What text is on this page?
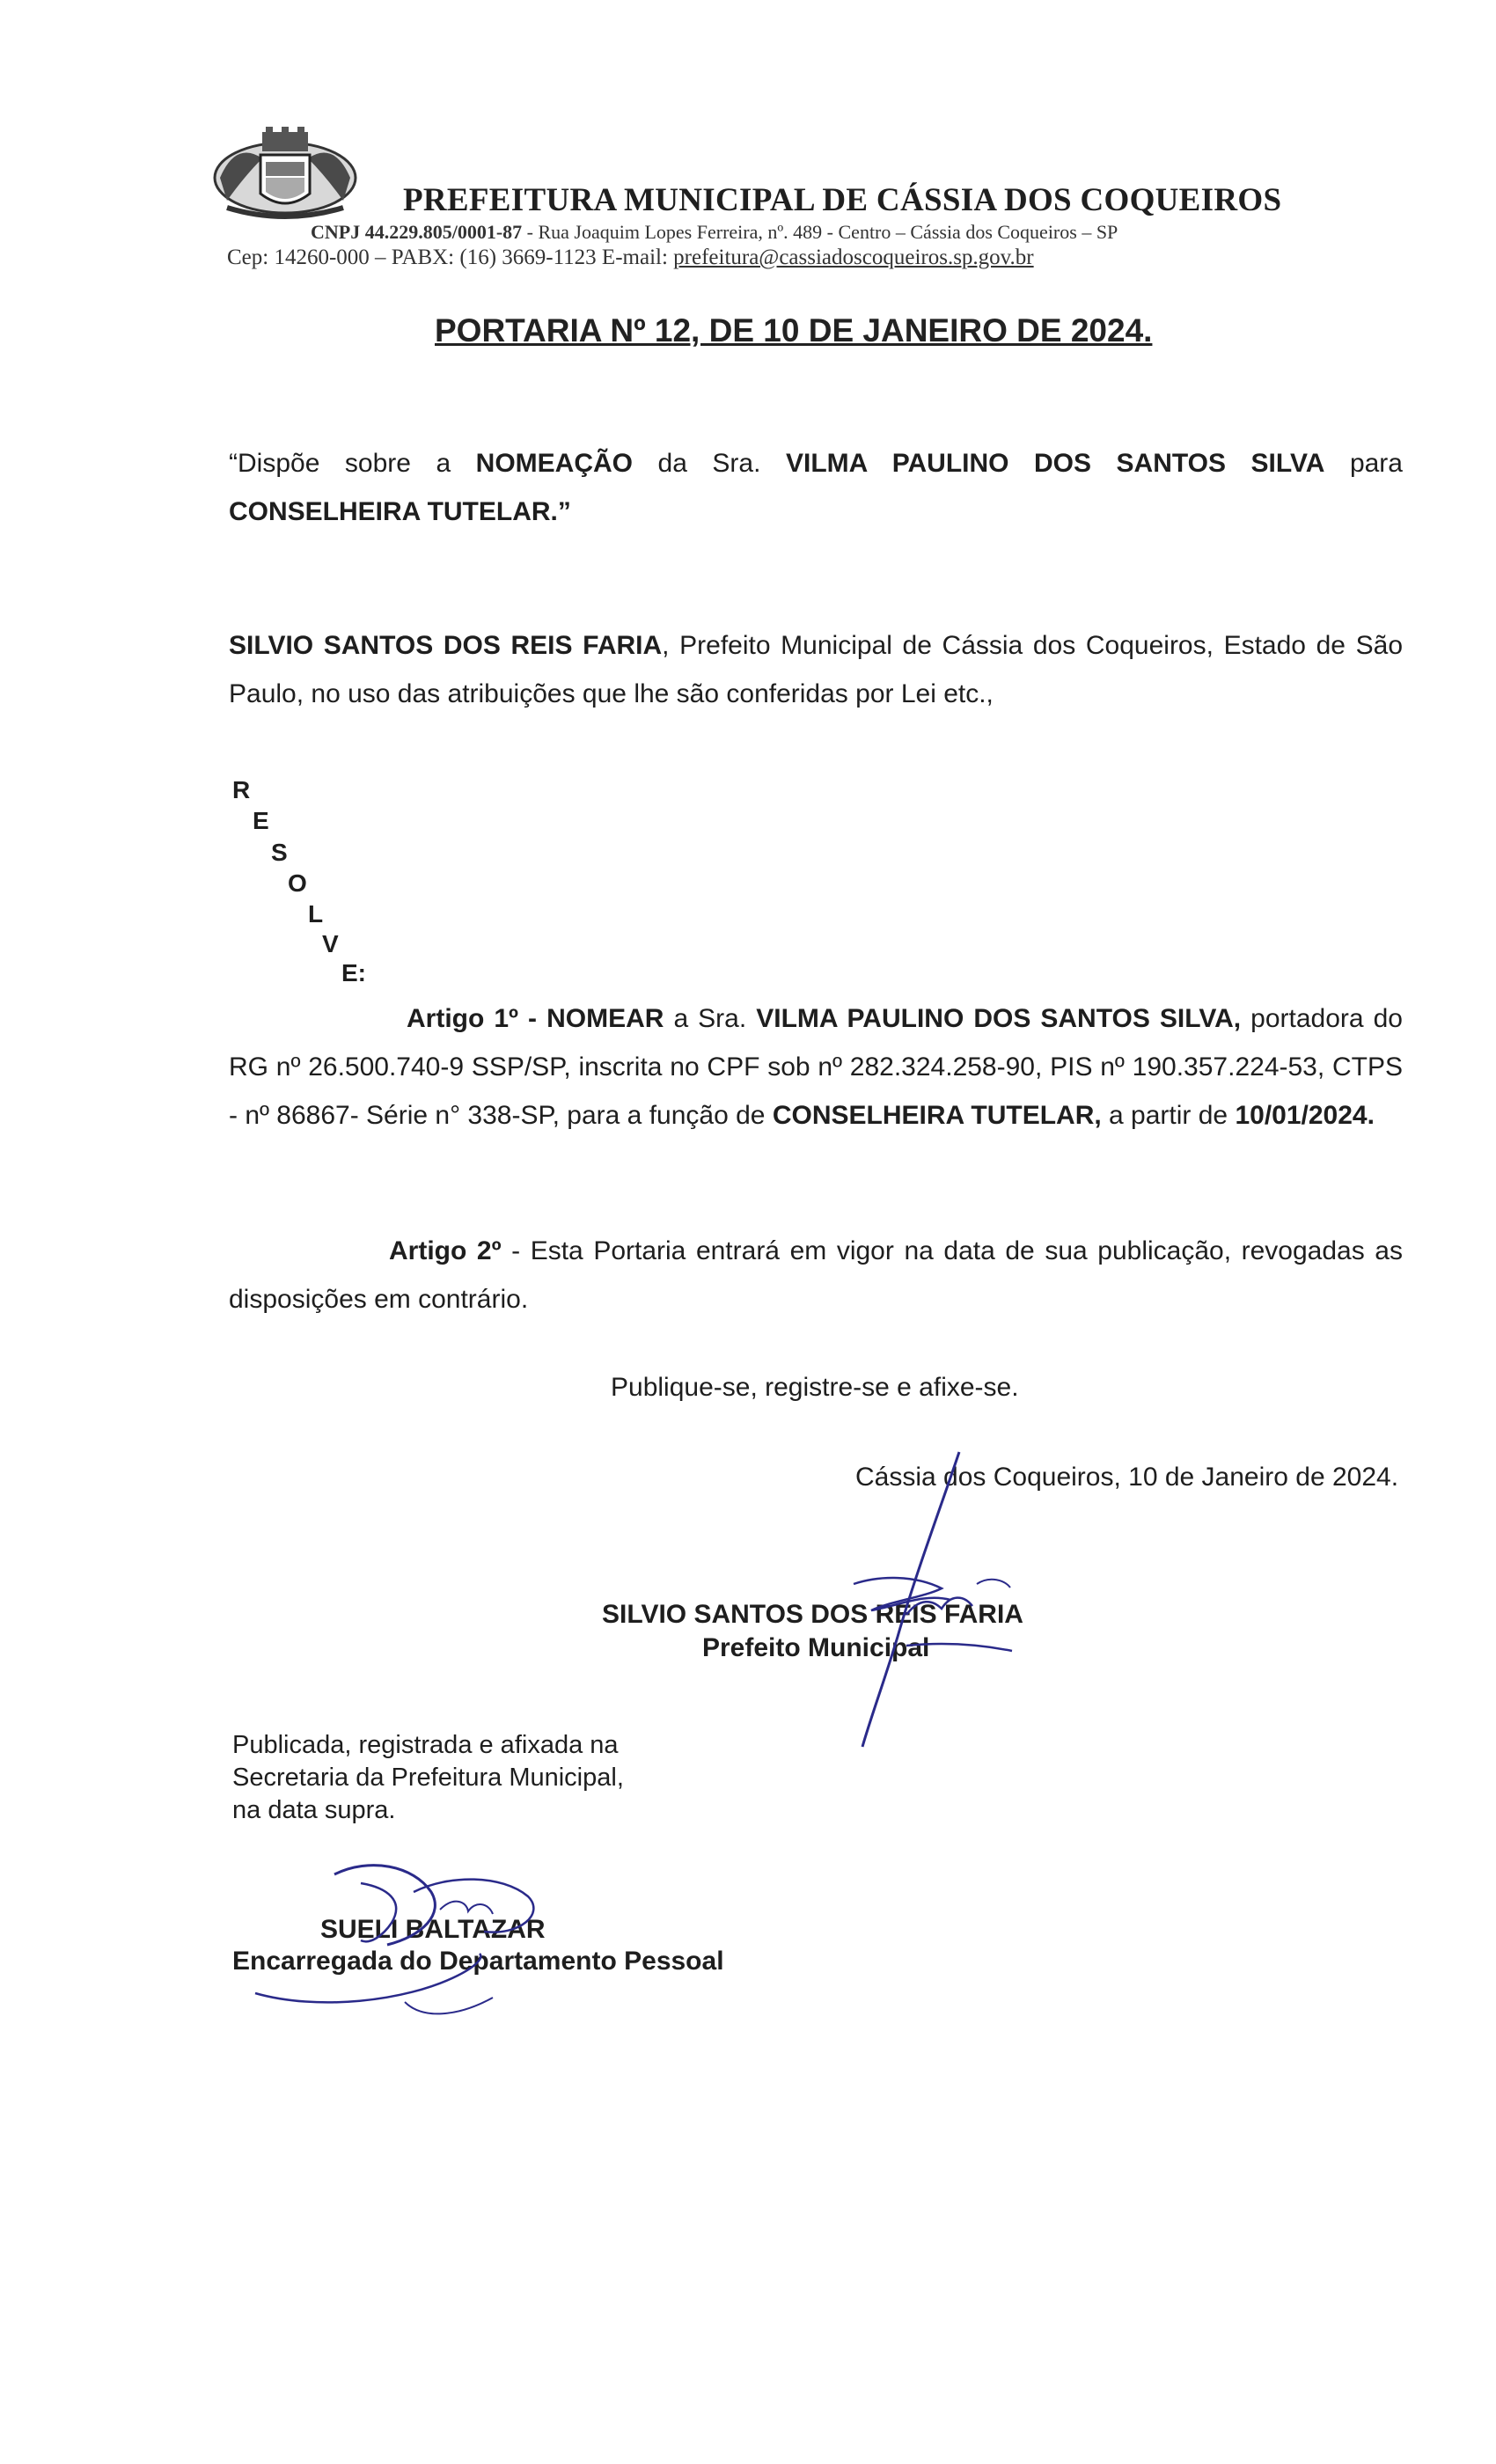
PREFEITURA MUNICIPAL DE CÁSSIA DOS COQUEIROS
CNPJ 44.229.805/0001-87 - Rua Joaquim Lopes Ferreira, nº. 489 - Centro – Cássia dos Coqueiros – SP
Cep: 14260-000 – PABX: (16) 3669-1123 E-mail: prefeitura@cassiadoscoqueiros.sp.gov.br
PORTARIA Nº 12, DE 10 DE JANEIRO DE 2024.
“Dispõe sobre a NOMEAÇÃO da Sra. VILMA PAULINO DOS SANTOS SILVA para CONSELHEIRA TUTELAR.”
SILVIO SANTOS DOS REIS FARIA, Prefeito Municipal de Cássia dos Coqueiros, Estado de São Paulo, no uso das atribuições que lhe são conferidas por Lei etc.,
R
E
S
O
L
V
E:
Artigo 1º - NOMEAR a Sra. VILMA PAULINO DOS SANTOS SILVA, portadora do RG nº 26.500.740-9 SSP/SP, inscrita no CPF sob nº 282.324.258-90, PIS nº 190.357.224-53, CTPS - nº 86867- Série n° 338-SP, para a função de CONSELHEIRA TUTELAR, a partir de 10/01/2024.
Artigo 2º - Esta Portaria entrará em vigor na data de sua publicação, revogadas as disposições em contrário.
Publique-se, registre-se e afixe-se.
Cássia dos Coqueiros, 10 de Janeiro de 2024.
SILVIO SANTOS DOS REIS FARIA
Prefeito Municipal
Publicada, registrada e afixada na
Secretaria da Prefeitura Municipal,
na data supra.
SUELI BALTAZAR
Encarregada do Departamento Pessoal
